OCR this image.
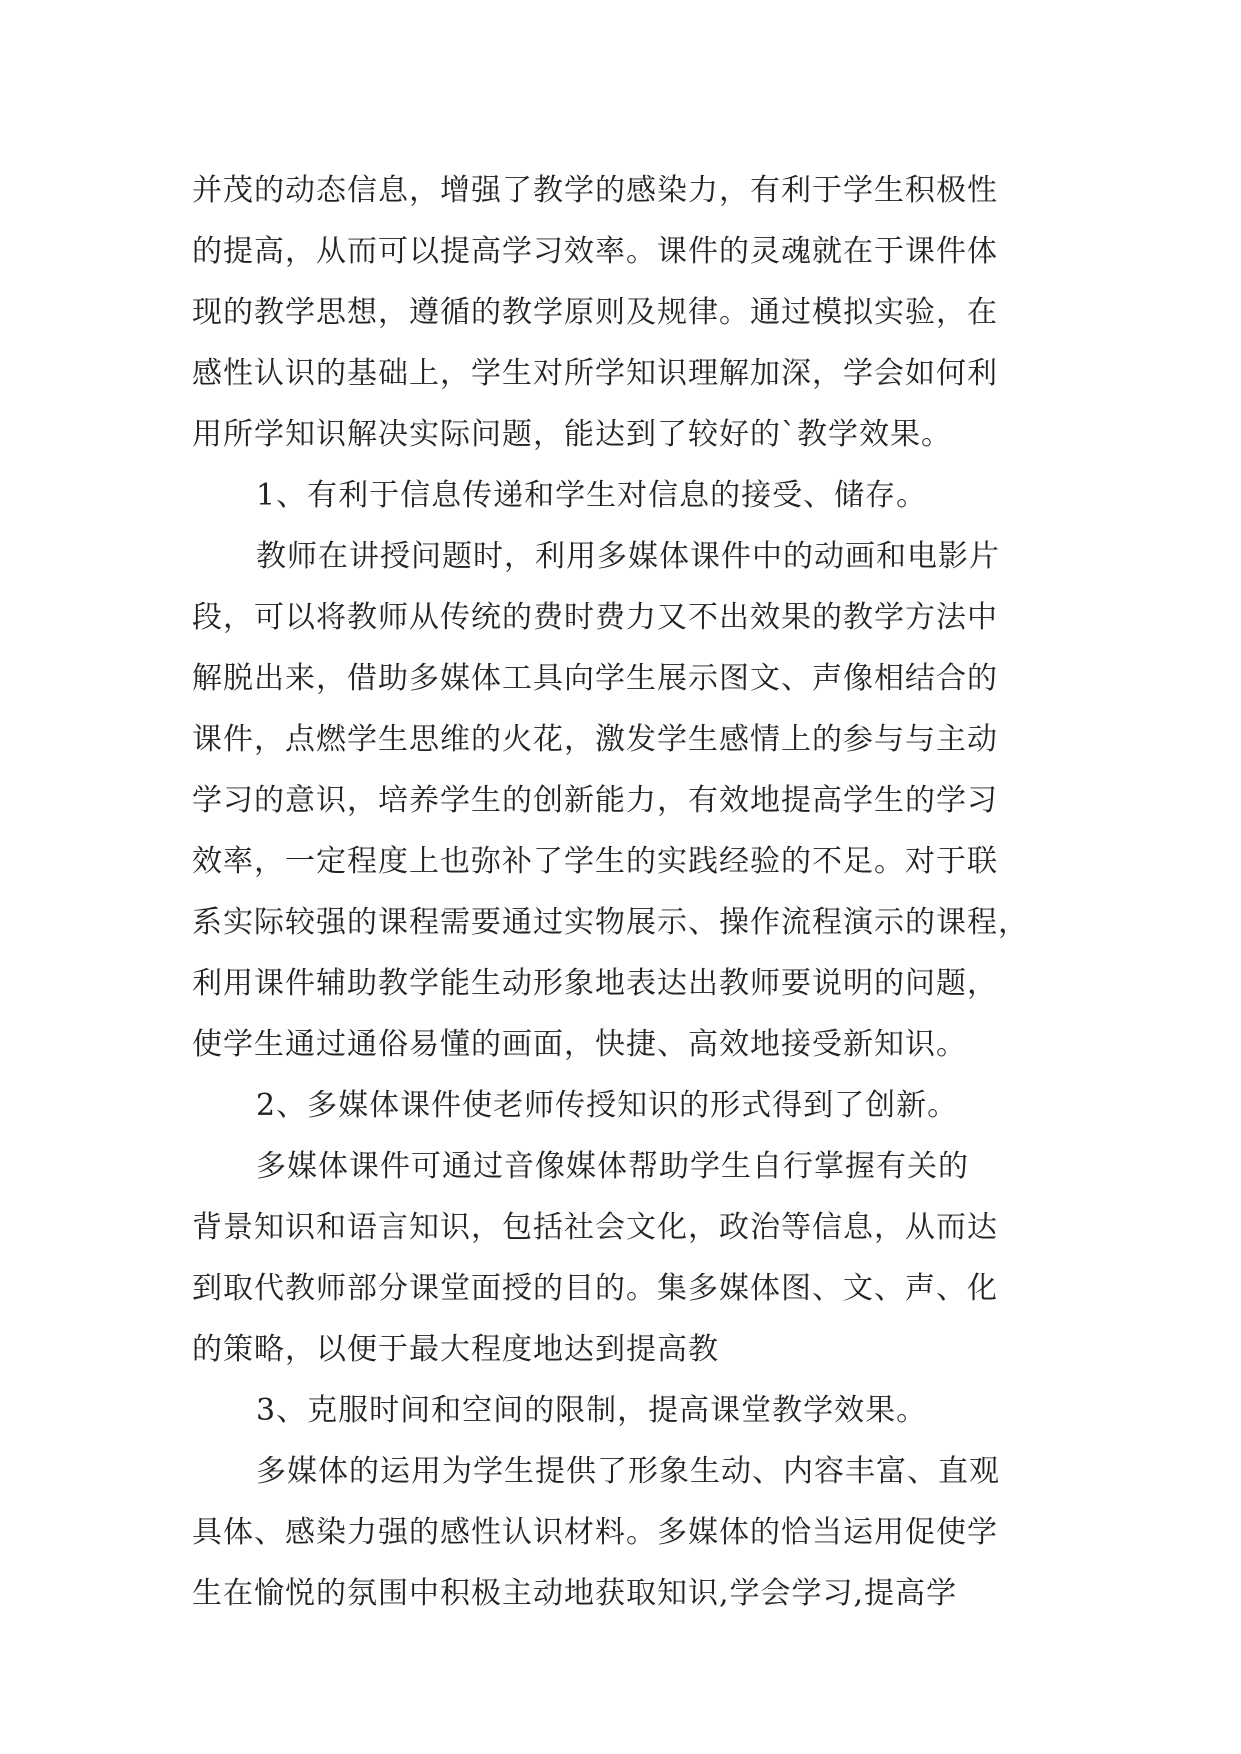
并茂的动态信息，增强了教学的感染力，有利于学生积极性
的提高，从而可以提高学习效率。课件的灵魂就在于课件体
现的教学思想，遵循的教学原则及规律。通过模拟实验，在
感性认识的基础上，学生对所学知识理解加深，学会如何利
用所学知识解决实际问题，能达到了较好的`教学效果。
1、有利于信息传递和学生对信息的接受、储存。
教师在讲授问题时，利用多媒体课件中的动画和电影片
段，可以将教师从传统的费时费力又不出效果的教学方法中
解脱出来，借助多媒体工具向学生展示图文、声像相结合的
课件，点燃学生思维的火花，激发学生感情上的参与与主动
学习的意识，培养学生的创新能力，有效地提高学生的学习
效率，一定程度上也弥补了学生的实践经验的不足。对于联
系实际较强的课程需要通过实物展示、操作流程演示的课程，
利用课件辅助教学能生动形象地表达出教师要说明的问题，
使学生通过通俗易懂的画面，快捷、高效地接受新知识。
2、多媒体课件使老师传授知识的形式得到了创新。
多媒体课件可通过音像媒体帮助学生自行掌握有关的
背景知识和语言知识，包括社会文化，政治等信息，从而达
到取代教师部分课堂面授的目的。集多媒体图、文、声、化
的策略，以便于最大程度地达到提高教
3、克服时间和空间的限制，提高课堂教学效果。
多媒体的运用为学生提供了形象生动、内容丰富、直观
具体、感染力强的感性认识材料。多媒体的恰当运用促使学
生在愉悦的氛围中积极主动地获取知识,学会学习,提高学
